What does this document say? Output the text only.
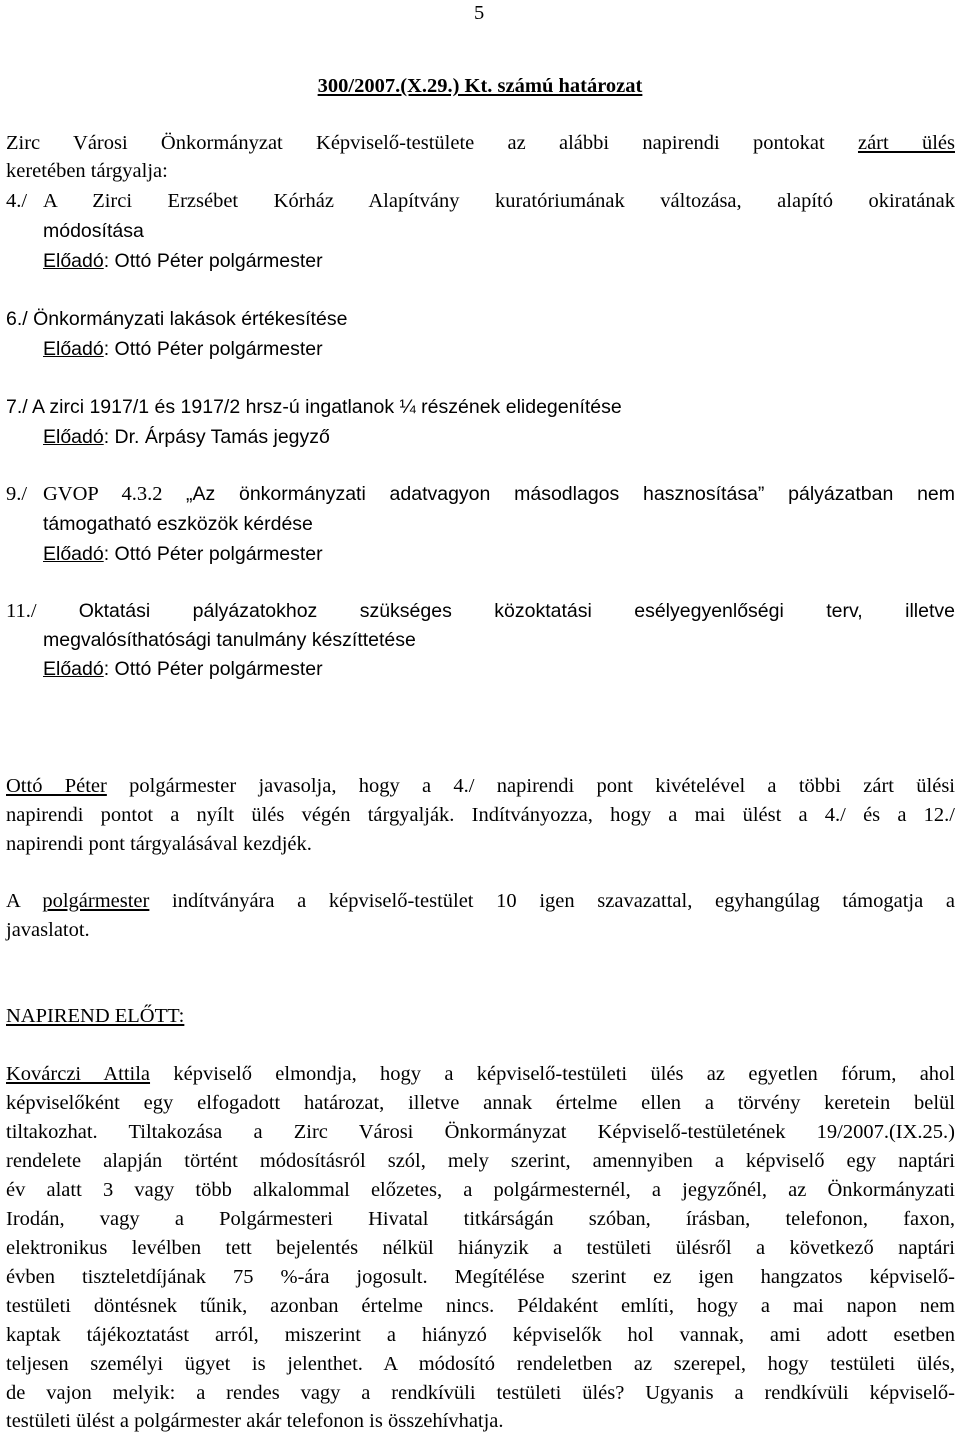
5
300/2007.(X.29.) Kt. számú határozat
Zirc Városi Önkormányzat Képviselő-testülete az alábbi napirendi pontokat zárt ülés
keretében tárgyalja:
4./ A Zirci Erzsébet Kórház Alapítvány kuratóriumának változása, alapító okiratának
módosítása
Előadó: Ottó Péter polgármester
6./ Önkormányzati lakások értékesítése
Előadó: Ottó Péter polgármester
7./ A zirci 1917/1 és 1917/2 hrsz-ú ingatlanok ¼ részének elidegenítése
Előadó: Dr. Árpásy Tamás jegyző
9./ GVOP 4.3.2 „Az önkormányzati adatvagyon másodlagos hasznosítása” pályázatban nem
támogatható eszközök kérdése
Előadó: Ottó Péter polgármester
11./ Oktatási pályázatokhoz szükséges közoktatási esélyegyenlőségi terv, illetve
megvalósíthatósági tanulmány készíttetése
Előadó: Ottó Péter polgármester
Ottó Péter polgármester javasolja, hogy a 4./ napirendi pont kivételével a többi zárt ülési
napirendi pontot a nyílt ülés végén tárgyalják. Indítványozza, hogy a mai ülést a 4./ és a 12./
napirendi pont tárgyalásával kezdjék.
A polgármester indítványára a képviselő-testület 10 igen szavazattal, egyhangúlag támogatja a
javaslatot.
NAPIREND ELŐTT:
Kovárczi Attila képviselő elmondja, hogy a képviselő-testületi ülés az egyetlen fórum, ahol
képviselőként egy elfogadott határozat, illetve annak értelme ellen a törvény keretein belül
tiltakozhat. Tiltakozása a Zirc Városi Önkormányzat Képviselő-testületének 19/2007.(IX.25.)
rendelete alapján történt módosításról szól, mely szerint, amennyiben a képviselő egy naptári
év alatt 3 vagy több alkalommal előzetes, a polgármesternél, a jegyzőnél, az Önkormányzati
Irodán, vagy a Polgármesteri Hivatal titkárságán szóban, írásban, telefonon, faxon,
elektronikus levélben tett bejelentés nélkül hiányzik a testületi ülésről a következő naptári
évben tiszteletdíjának 75 %-ára jogosult. Megítélése szerint ez igen hangzatos képviselő-
testületi döntésnek tűnik, azonban értelme nincs. Példaként említi, hogy a mai napon nem
kaptak tájékoztatást arról, miszerint a hiányzó képviselők hol vannak, ami adott esetben
teljesen személyi ügyet is jelenthet. A módosító rendeletben az szerepel, hogy testületi ülés,
de vajon melyik: a rendes vagy a rendkívüli testületi ülés? Ugyanis a rendkívüli képviselő-
testületi ülést a polgármester akár telefonon is összehívhatja.
